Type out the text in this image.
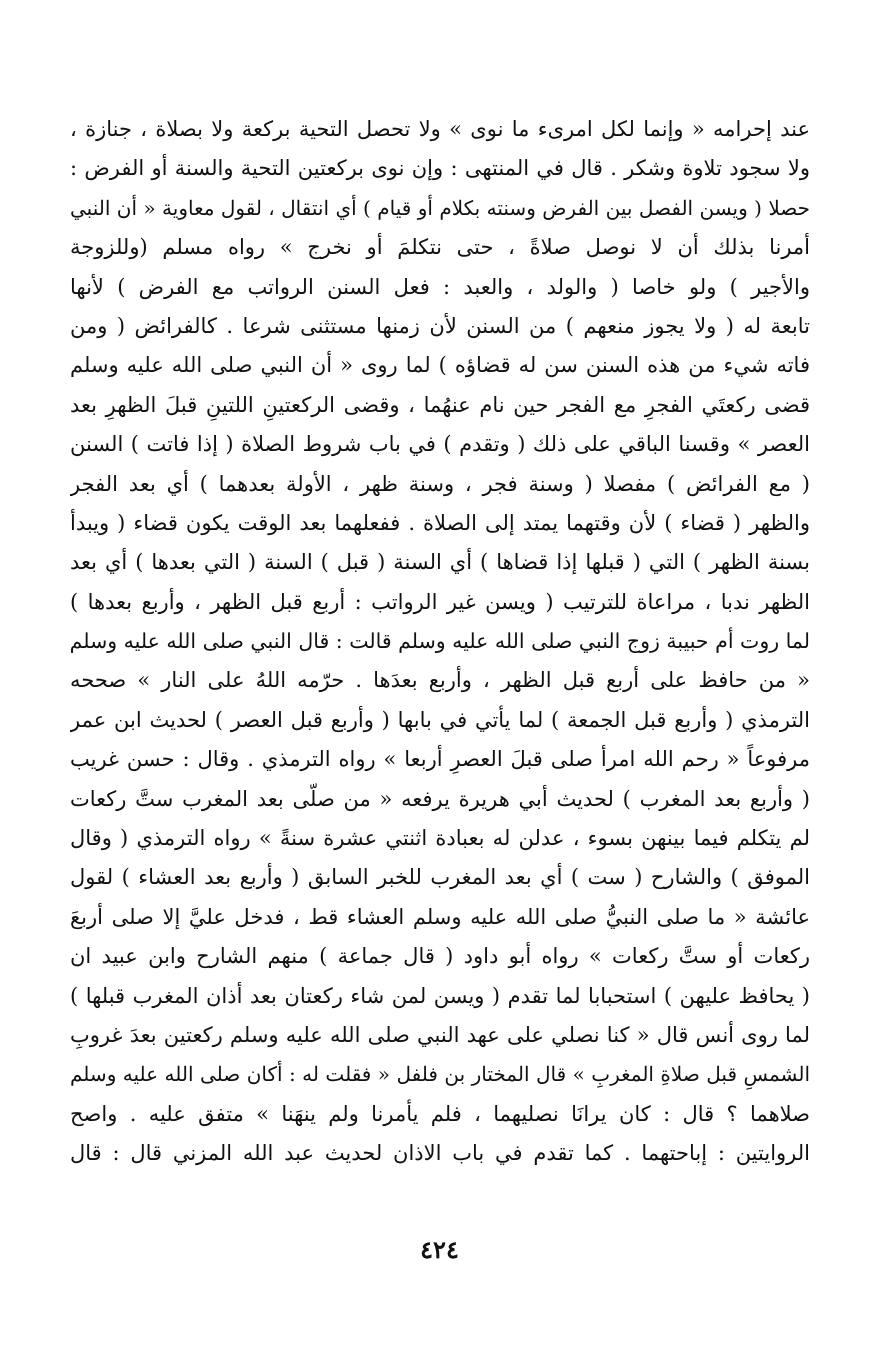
عند إحرامه « وإنما لكل امرىء ما نوى » ولا تحصل التحية بركعة ولا بصلاة ، جنازة ،
ولا سجود تلاوة وشكر . قال في المنتهى : وإن نوى بركعتين التحية والسنة أو الفرض :
حصلا ( ويسن الفصل بين الفرض وسنته بكلام أو قيام ) أي انتقال ، لقول معاوية « أن النبي
أمرنا بذلك أن لا نوصل صلاةً ، حتى نتكلمَ أو نخرج » رواه مسلم (وللزوجة
والأجير ) ولو خاصا ( والولد ، والعبد : فعل السنن الرواتب مع الفرض ) لأنها
تابعة له ( ولا يجوز منعهم ) من السنن لأن زمنها مستثنى شرعا . كالفرائض ( ومن
فاته شيء من هذه السنن سن له قضاؤه ) لما روى « أن النبي صلى الله عليه وسلم
قضى ركعتَي الفجرِ مع الفجر حين نام عنهُما ، وقضى الركعتينِ اللتينِ قبلَ الظهرِ بعد
العصر » وقسنا الباقي على ذلك ( وتقدم ) في باب شروط الصلاة ( إذا فاتت ) السنن
( مع الفرائض ) مفصلا ( وسنة فجر ، وسنة ظهر ، الأولة بعدهما ) أي بعد الفجر
والظهر ( قضاء ) لأن وقتهما يمتد إلى الصلاة . ففعلهما بعد الوقت يكون قضاء ( ويبدأ
بسنة الظهر ) التي ( قبلها إذا قضاها ) أي السنة ( قبل ) السنة ( التي بعدها ) أي بعد
الظهر ندبا ، مراعاة للترتيب ( ويسن غير الرواتب : أربع قبل الظهر ، وأربع بعدها )
لما روت أم حبيبة زوج النبي صلى الله عليه وسلم قالت : قال النبي صلى الله عليه وسلم
« من حافظ على أربع قبل الظهر ، وأربع بعدَها . حرّمه اللهُ على النار » صححه
الترمذي ( وأربع قبل الجمعة ) لما يأتي في بابها ( وأربع قبل العصر ) لحديث ابن عمر
مرفوعاً « رحم الله امرأ صلى قبلَ العصرِ أربعا » رواه الترمذي . وقال : حسن غريب
( وأربع بعد المغرب ) لحديث أبي هريرة يرفعه « من صلّى بعد المغرب ستَّ ركعات
لم يتكلم فيما بينهن بسوء ، عدلن له بعبادة اثنتي عشرة سنةً » رواه الترمذي ( وقال
الموفق ) والشارح ( ست ) أي بعد المغرب للخبر السابق ( وأربع بعد العشاء ) لقول
عائشة « ما صلى النبيُّ صلى الله عليه وسلم العشاء قط ، فدخل عليَّ إلا صلى أربعَ
ركعات أو ستَّ ركعات » رواه أبو داود ( قال جماعة ) منهم الشارح وابن عبيد ان
( يحافظ عليهن ) استحبابا لما تقدم ( ويسن لمن شاء ركعتان بعد أذان المغرب قبلها )
لما روى أنس قال « كنا نصلي على عهد النبي صلى الله عليه وسلم ركعتين بعدَ غروبِ
الشمسِ قبل صلاةِ المغربِ » قال المختار بن فلفل « فقلت له : أكان صلى الله عليه وسلم
صلاهما ؟ قال : كان يرانَا نصليهما ، فلم يأمرنا ولم ينهَنا » متفق عليه . واصح
الروايتين : إباحتهما . كما تقدم في باب الاذان لحديث عبد الله المزني قال : قال
٤٢٤
